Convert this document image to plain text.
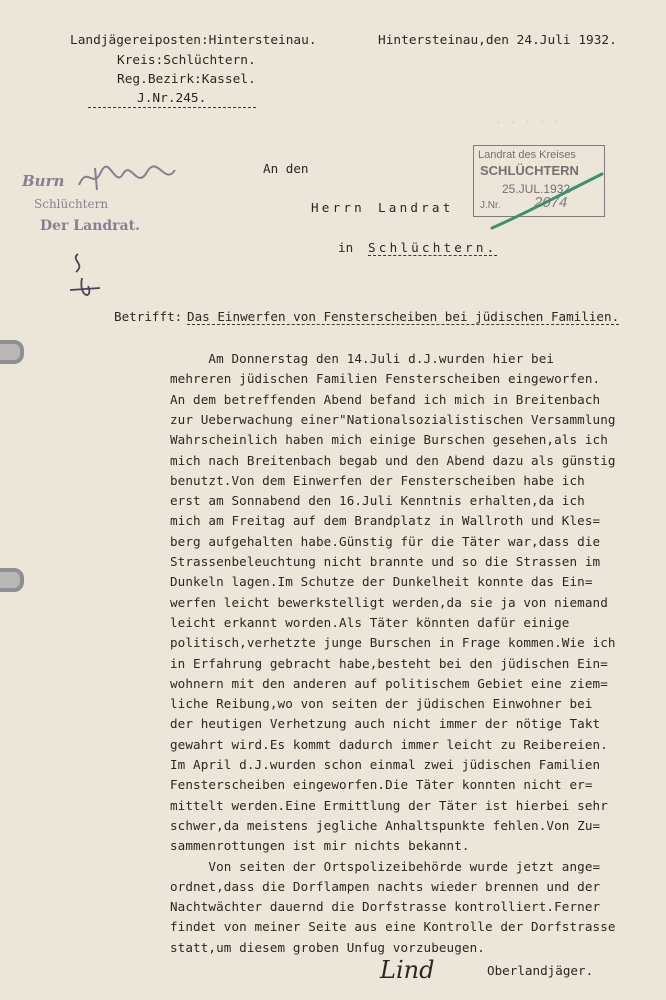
Landjägereiposten:Hintersteinau.
Kreis:Schlüchtern.
Reg.Bezirk:Kassel.
J.Nr.245.
Hintersteinau,den 24.Juli 1932.
. . . . .
An den
Herrn Landrat
in Schlüchtern.
Burn
Schlüchtern
Der Landrat.
Landrat des Kreises
SCHLÜCHTERN
25.JUL.1932
J.Nr. 2074
Betrifft: Das Einwerfen von Fensterscheiben bei jüdischen Familien.
Am Donnerstag den 14.Juli d.J.wurden hier bei
mehreren jüdischen Familien Fensterscheiben eingeworfen.
An dem betreffenden Abend befand ich mich in Breitenbach
zur Ueberwachung einer"Nationalsozialistischen Versammlung
Wahrscheinlich haben mich einige Burschen gesehen,als ich
mich nach Breitenbach begab und den Abend dazu als günstig
benutzt.Von dem Einwerfen der Fensterscheiben habe ich
erst am Sonnabend den 16.Juli Kenntnis erhalten,da ich
mich am Freitag auf dem Brandplatz in Wallroth und Kles=
berg aufgehalten habe.Günstig für die Täter war,dass die
Strassenbeleuchtung nicht brannte und so die Strassen im
Dunkeln lagen.Im Schutze der Dunkelheit konnte das Ein=
werfen leicht bewerkstelligt werden,da sie ja von niemand
leicht erkannt worden.Als Täter könnten dafür einige
politisch,verhetzte junge Burschen in Frage kommen.Wie ich
in Erfahrung gebracht habe,besteht bei den jüdischen Ein=
wohnern mit den anderen auf politischem Gebiet eine ziem=
liche Reibung,wo von seiten der jüdischen Einwohner bei
der heutigen Verhetzung auch nicht immer der nötige Takt
gewahrt wird.Es kommt dadurch immer leicht zu Reibereien.
Im April d.J.wurden schon einmal zwei jüdischen Familien
Fensterscheiben eingeworfen.Die Täter konnten nicht er=
mittelt werden.Eine Ermittlung der Täter ist hierbei sehr
schwer,da meistens jegliche Anhaltspunkte fehlen.Von Zu=
sammenrottungen ist mir nichts bekannt.
Von seiten der Ortspolizeibehörde wurde jetzt ange=
ordnet,dass die Dorflampen nachts wieder brennen und der
Nachtwächter dauernd die Dorfstrasse kontrolliert.Ferner
findet von meiner Seite aus eine Kontrolle der Dorfstrasse
statt,um diesem groben Unfug vorzubeugen.
Lind	Oberlandjäger.
